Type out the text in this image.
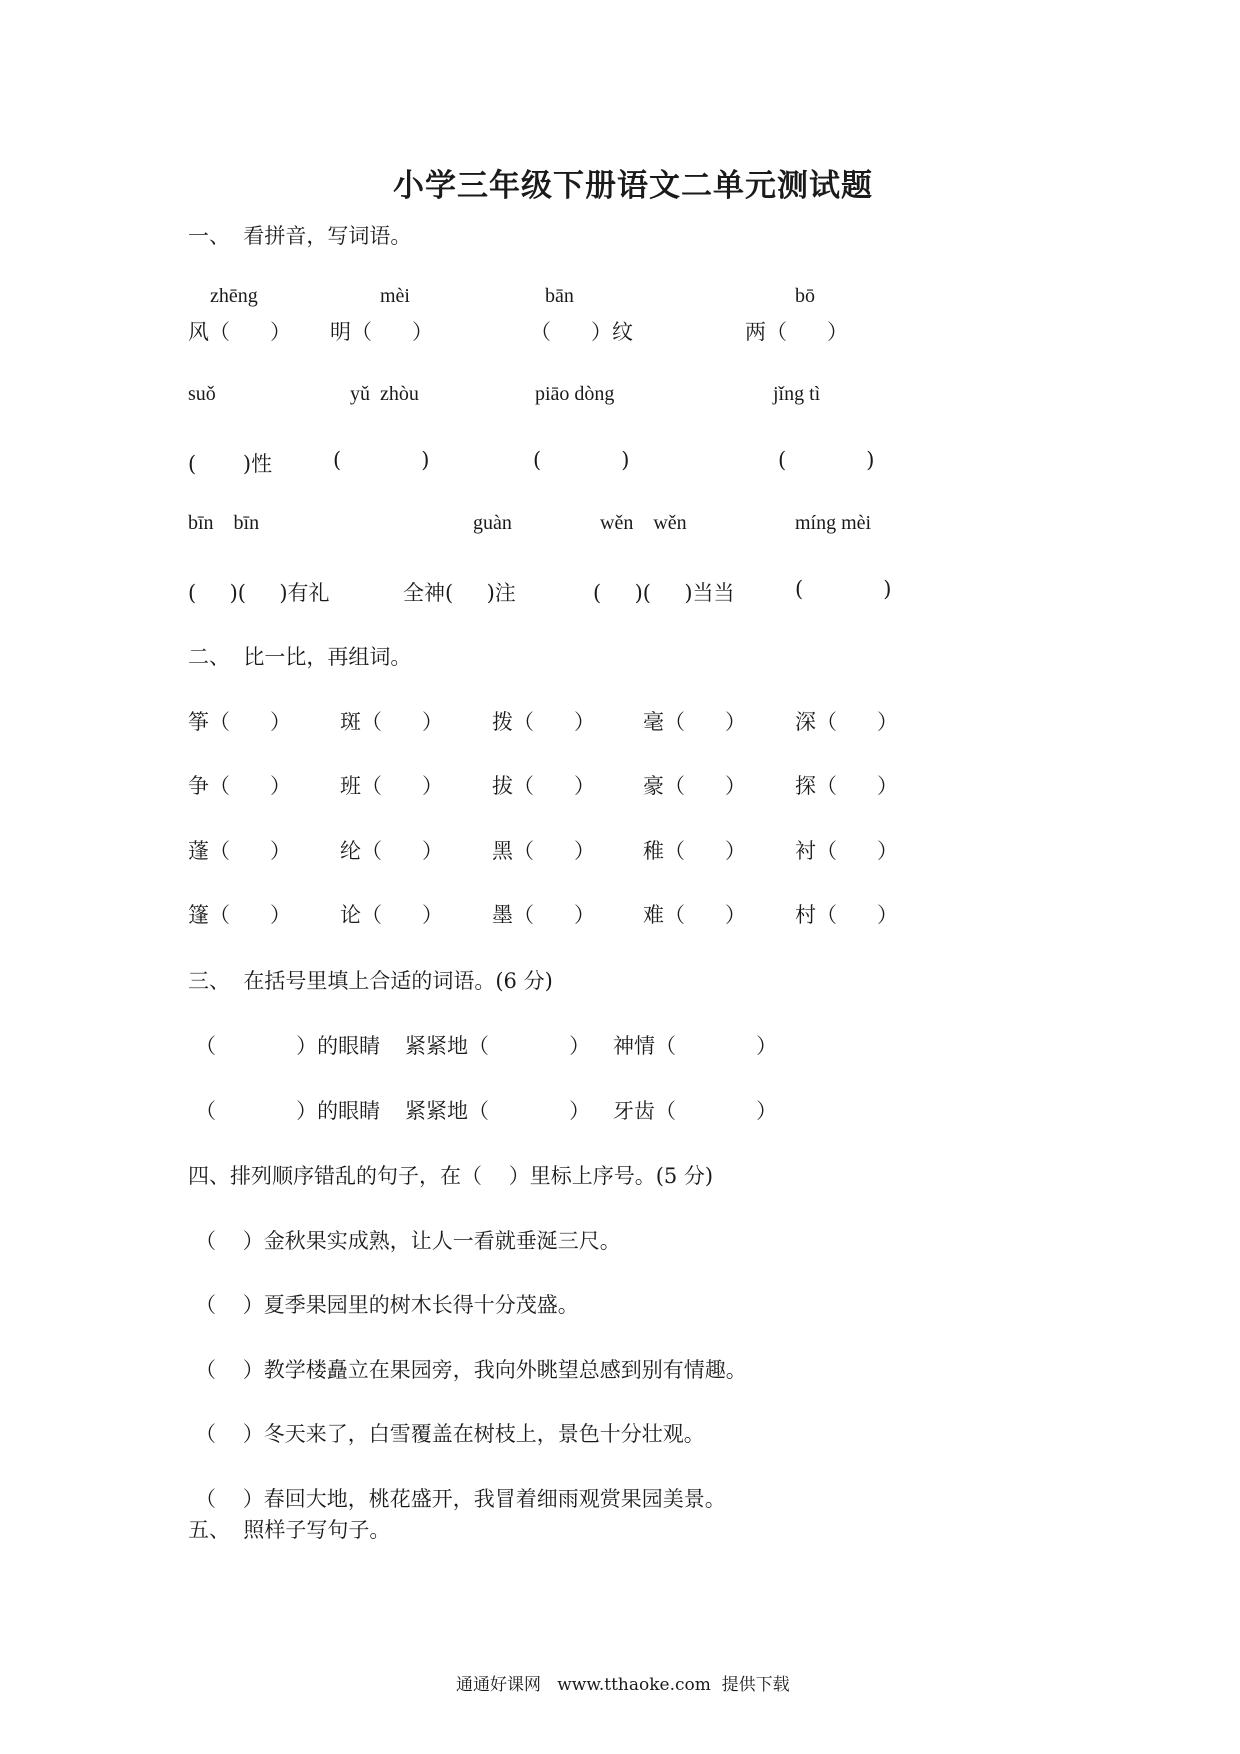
小学三年级下册语文二单元测试题
一、  看拼音，写词语。
zhēng	mèi	bān	bō
风（      ） 明（      ）	（      ）纹	两（      ）
suǒ	yǔ  zhòu	piāo dòng	jǐng tì
(       )性	(            )	(            )	(            )
bīn    bīn	guàn	wěn    wěn	míng mèi
(     )(     )有礼	全神(     )注	(     )(     )当当	(            )
二、  比一比，再组词。
筝（      ） 斑（      ） 拨（      ） 毫（      ） 深（      ）
争（      ） 班（      ） 拔（      ） 豪（      ） 探（      ）
蓬（      ） 纶（      ） 黑（      ） 稚（      ） 衬（      ）
篷（      ） 论（      ） 墨（      ） 难（      ） 村（      ）
三、  在括号里填上合适的词语。(6 分)
（            ）的眼睛 紧紧地（            ） 神情（            ）
（            ）的眼睛 紧紧地（            ） 牙齿（            ）
四、排列顺序错乱的句子，在（    ）里标上序号。(5 分)
（    ）金秋果实成熟，让人一看就垂涎三尺。
（    ）夏季果园里的树木长得十分茂盛。
（    ）教学楼矗立在果园旁，我向外眺望总感到别有情趣。
（    ）冬天来了，白雪覆盖在树枝上，景色十分壮观。
（    ）春回大地，桃花盛开，我冒着细雨观赏果园美景。
五、  照样子写句子。
通通好课网   www.tthaoke.com  提供下载
